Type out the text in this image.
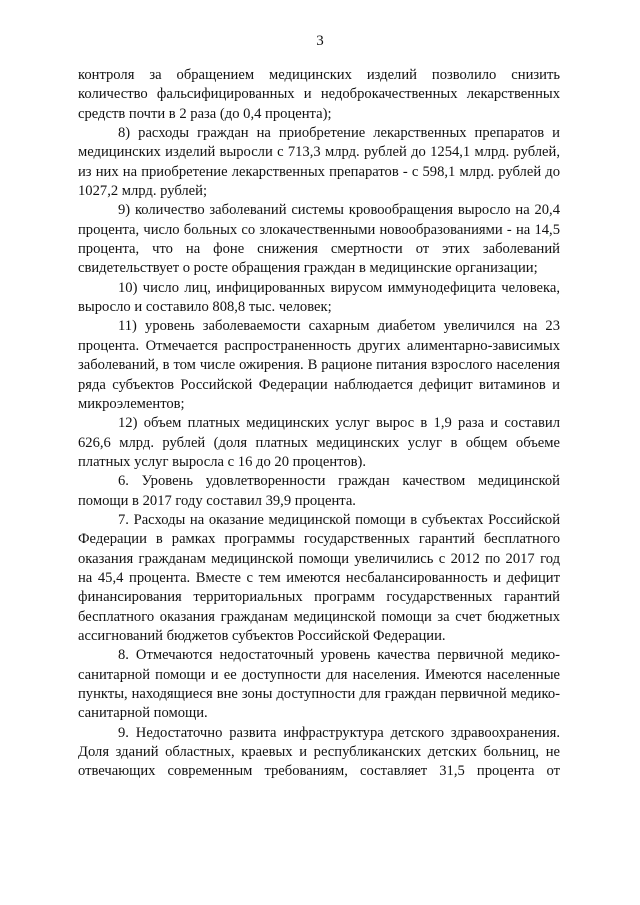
3

контроля за обращением медицинских изделий позволило снизить количество фальсифицированных и недоброкачественных лекарственных средств почти в 2 раза (до 0,4 процента);

8) расходы граждан на приобретение лекарственных препаратов и медицинских изделий выросли с 713,3 млрд. рублей до 1254,1 млрд. рублей, из них на приобретение лекарственных препаратов - с 598,1 млрд. рублей до 1027,2 млрд. рублей;

9) количество заболеваний системы кровообращения выросло на 20,4 процента, число больных со злокачественными новообразованиями - на 14,5 процента, что на фоне снижения смертности от этих заболеваний свидетельствует о росте обращения граждан в медицинские организации;

10) число лиц, инфицированных вирусом иммунодефицита человека, выросло и составило 808,8 тыс. человек;

11) уровень заболеваемости сахарным диабетом увеличился на 23 процента. Отмечается распространенность других алиментарно-зависимых заболеваний, в том числе ожирения. В рационе питания взрослого населения ряда субъектов Российской Федерации наблюдается дефицит витаминов и микроэлементов;

12) объем платных медицинских услуг вырос в 1,9 раза и составил 626,6 млрд. рублей (доля платных медицинских услуг в общем объеме платных услуг выросла с 16 до 20 процентов).

6. Уровень удовлетворенности граждан качеством медицинской помощи в 2017 году составил 39,9 процента.

7. Расходы на оказание медицинской помощи в субъектах Российской Федерации в рамках программы государственных гарантий бесплатного оказания гражданам медицинской помощи увеличились с 2012 по 2017 год на 45,4 процента. Вместе с тем имеются несбалансированность и дефицит финансирования территориальных программ государственных гарантий бесплатного оказания гражданам медицинской помощи за счет бюджетных ассигнований бюджетов субъектов Российской Федерации.

8. Отмечаются недостаточный уровень качества первичной медико-санитарной помощи и ее доступности для населения. Имеются населенные пункты, находящиеся вне зоны доступности для граждан первичной медико-санитарной помощи.

9. Недостаточно развита инфраструктура детского здравоохранения. Доля зданий областных, краевых и республиканских детских больниц, не отвечающих современным требованиям, составляет 31,5 процента от
